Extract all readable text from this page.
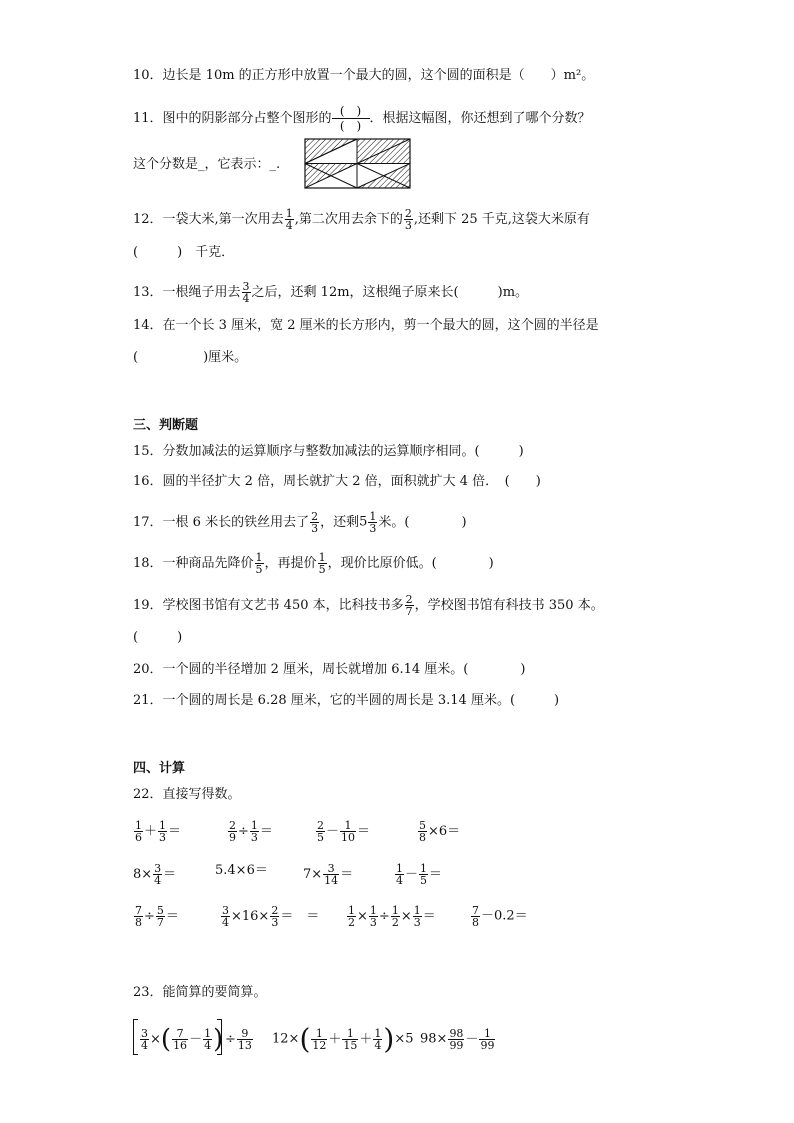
10．边长是 10m 的正方形中放置一个最大的圆，这个圆的面积是（　　）m²。
11．图中的阴影部分占整个图形的 (　)
(　) ．根据这幅图，你还想到了哪个分数？
这个分数是_，它表示：_.
12．一袋大米,第一次用去 $\frac{1}{4}$ ,第二次用去余下的 $\frac{2}{3}$ ,还剩下 25 千克,这袋大米原有
(　　　)　千克．
13．一根绳子用去 $\frac{3}{4}$ 之后，还剩 12m，这根绳子原来长(　　　)m。
14．在一个长 3 厘米，宽 2 厘米的长方形内，剪一个最大的圆，这个圆的半径是
(　　　　　)厘米。
三、判断题
15．分数加减法的运算顺序与整数加减法的运算顺序相同。(　　　)
16．圆的半径扩大 2 倍，周长就扩大 2 倍，面积就扩大 4 倍．　(　　)
17．一根 6 米长的铁丝用去了 $\frac{2}{3}$ ，还剩$5 \frac{1}{3}$ 米。(　　　　)
18．一种商品先降价 $\frac{1}{5}$ ，再提价 $\frac{1}{5}$ ，现价比原价低。(　　　　)
19．学校图书馆有文艺书 450 本，比科技书多 $\frac{2}{7}$ ，学校图书馆有科技书 350 本。
(　　　)
20．一个圆的半径增加 2 厘米，周长就增加 6.14 厘米。(　　　　)
21．一个圆的周长是 6.28 厘米，它的半圆的周长是 3.14 厘米。(　　　)
四、计算
22．直接写得数。
$\frac{1}{6} + \frac{1}{3}$ ＝	$\frac{2}{9} \div \frac{1}{3}$ ＝	$\frac{2}{5} - \frac{1}{10}$ ＝	$\frac{5}{8} \times 6=$
$8\times \frac{3}{4}$ ＝	5.4×6＝	$7\times \frac{3}{14}$ ＝	$\frac{1}{4} - \frac{1}{5}$ ＝
$\frac{7}{8} \div \frac{5}{7}$ ＝	$\frac{3}{4} \times 16\times \frac{2}{3}$ ＝　 ＝	$\frac{1}{2} \times \frac{1}{3} \div \frac{1}{2} \times \frac{1}{3}$ ＝	$\frac{7}{8} -0.2=$
23．能简算的要简算。
$\frac{3}{4}$ ×( $\frac{7}{16} - \frac{1}{4}$ ) ÷ $\frac{9}{13} 12\times( \frac{1}{12} + \frac{1}{15} + \frac{1}{4} )\times 5$ $98\times \frac{98}{99} - \frac{1}{99}$
